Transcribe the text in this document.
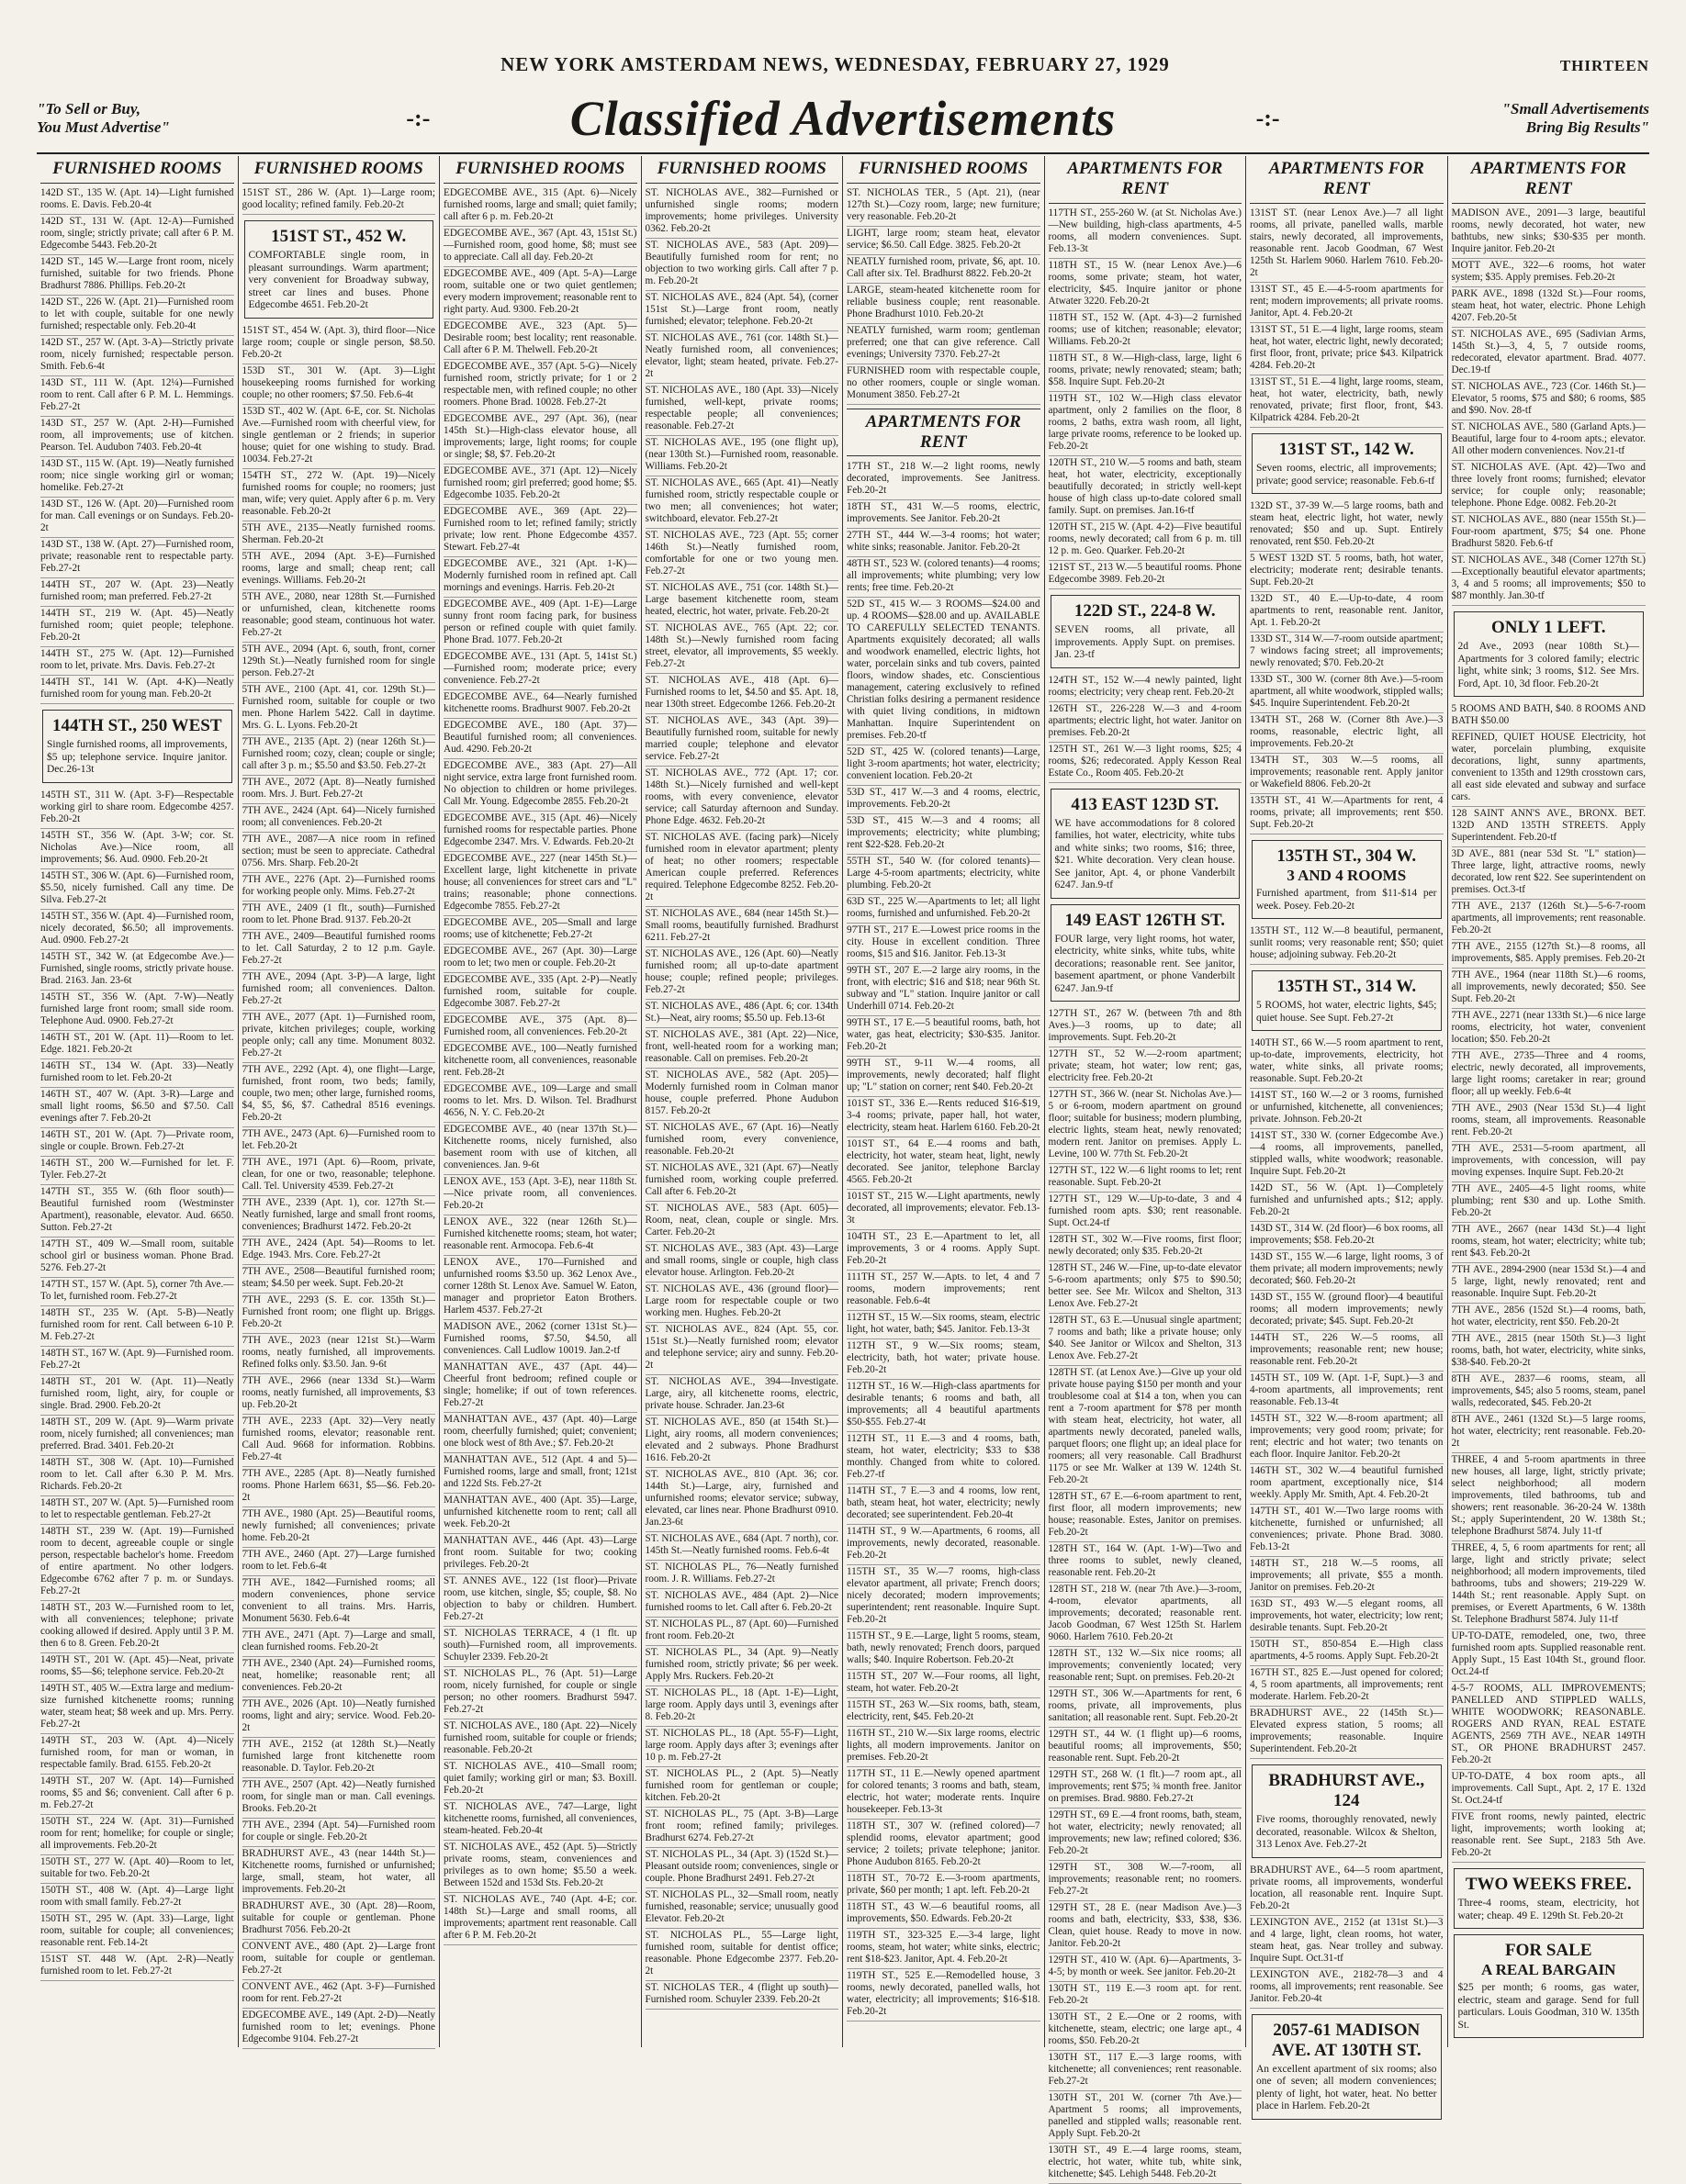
NEW YORK AMSTERDAM NEWS, WEDNESDAY, FEBRUARY 27, 1929	THIRTEEN
"To Sell or Buy,
You Must Advertise"	-:-	Classified Advertisements	-:-	"Small Advertisements
Bring Big Results"
FURNISHED ROOMS

142D ST., 135 W. (Apt. 14)—Light furnished rooms. E. Davis. Feb.20-4t

142D ST., 131 W. (Apt. 12-A)—Furnished room, single; strictly private; call after 6 P. M. Edgecombe 5443. Feb.20-2t

142D ST., 145 W.—Large front room, nicely furnished, suitable for two friends. Phone Bradhurst 7886. Phillips. Feb.20-2t

142D ST., 226 W. (Apt. 21)—Furnished room to let with couple, suitable for one newly furnished; respectable only. Feb.20-4t

142D ST., 257 W. (Apt. 3-A)—Strictly private room, nicely furnished; respectable person. Smith. Feb.6-4t

143D ST., 111 W. (Apt. 12¼)—Furnished room to rent. Call after 6 P. M. L. Hemmings. Feb.27-2t

143D ST., 257 W. (Apt. 2-H)—Furnished room, all improvements; use of kitchen. Pearson. Tel. Audubon 7403. Feb.20-4t

143D ST., 115 W. (Apt. 19)—Neatly furnished room; nice single working girl or woman; homelike. Feb.27-2t

143D ST., 126 W. (Apt. 20)—Furnished room for man. Call evenings or on Sundays. Feb.20-2t

143D ST., 138 W. (Apt. 27)—Furnished room, private; reasonable rent to respectable party. Feb.27-2t

144TH ST., 207 W. (Apt. 23)—Neatly furnished room; man preferred. Feb.27-2t

144TH ST., 219 W. (Apt. 45)—Neatly furnished room; quiet people; telephone. Feb.20-2t

144TH ST., 275 W. (Apt. 12)—Furnished room to let, private. Mrs. Davis. Feb.27-2t

144TH ST., 141 W. (Apt. 4-K)—Neatly furnished room for young man. Feb.20-2t

144TH ST., 250 WEST
Single furnished rooms, all improvements, $5 up; telephone service. Inquire janitor. Dec.26-13t

145TH ST., 311 W. (Apt. 3-F)—Respectable working girl to share room. Edgecombe 4257. Feb.20-2t

145TH ST., 356 W. (Apt. 3-W; cor. St. Nicholas Ave.)—Nice room, all improvements; $6. Aud. 0900. Feb.20-2t

145TH ST., 306 W. (Apt. 6)—Furnished room, $5.50, nicely furnished. Call any time. De Silva. Feb.27-2t

145TH ST., 356 W. (Apt. 4)—Furnished room, nicely decorated, $6.50; all improvements. Aud. 0900. Feb.27-2t

145TH ST., 342 W. (at Edgecombe Ave.)—Furnished, single rooms, strictly private house. Brad. 2163. Jan. 23-6t

145TH ST., 356 W. (Apt. 7-W)—Neatly furnished large front room; small side room. Telephone Aud. 0900. Feb.27-2t

146TH ST., 201 W. (Apt. 11)—Room to let. Edge. 1821. Feb.20-2t

146TH ST., 134 W. (Apt. 33)—Neatly furnished room to let. Feb.20-2t

146TH ST., 407 W. (Apt. 3-R)—Large and small light rooms, $6.50 and $7.50. Call evenings after 7. Feb.20-2t

146TH ST., 201 W. (Apt. 7)—Private room, single or couple. Brown. Feb.27-2t

146TH ST., 200 W.—Furnished for let. F. Tyler. Feb.27-2t

147TH ST., 355 W. (6th floor south)—Beautiful furnished room (Westminster Apartment), reasonable, elevator. Aud. 6650. Sutton. Feb.27-2t

147TH ST., 409 W.—Small room, suitable school girl or business woman. Phone Brad. 5276. Feb.27-2t

147TH ST., 157 W. (Apt. 5), corner 7th Ave.—To let, furnished room. Feb.27-2t

148TH ST., 235 W. (Apt. 5-B)—Neatly furnished room for rent. Call between 6-10 P. M. Feb.27-2t

148TH ST., 167 W. (Apt. 9)—Furnished room. Feb.27-2t

148TH ST., 201 W. (Apt. 11)—Neatly furnished room, light, airy, for couple or single. Brad. 2900. Feb.20-2t

148TH ST., 209 W. (Apt. 9)—Warm private room, nicely furnished; all conveniences; man preferred. Brad. 3401. Feb.20-2t

148TH ST., 308 W. (Apt. 10)—Furnished room to let. Call after 6.30 P. M. Mrs. Richards. Feb.20-2t

148TH ST., 207 W. (Apt. 5)—Furnished room to let to respectable gentleman. Feb.27-2t

148TH ST., 239 W. (Apt. 19)—Furnished room to decent, agreeable couple or single person, respectable bachelor's home. Freedom of entire apartment. No other lodgers. Edgecombe 6762 after 7 p. m. or Sundays. Feb.27-2t

148TH ST., 203 W.—Furnished room to let, with all conveniences; telephone; private cooking allowed if desired. Apply until 3 P. M. then 6 to 8. Green. Feb.20-2t

149TH ST., 201 W. (Apt. 45)—Neat, private rooms, $5—$6; telephone service. Feb.20-2t

149TH ST., 405 W.—Extra large and medium-size furnished kitchenette rooms; running water, steam heat; $8 week and up. Mrs. Perry. Feb.27-2t

149TH ST., 203 W. (Apt. 4)—Nicely furnished room, for man or woman, in respectable family. Brad. 6155. Feb.20-2t

149TH ST., 207 W. (Apt. 14)—Furnished rooms, $5 and $6; convenient. Call after 6 p. m. Feb.27-2t

150TH ST., 224 W. (Apt. 31)—Furnished room for rent; homelike; for couple or single; all improvements. Feb.20-2t

150TH ST., 277 W. (Apt. 40)—Room to let, suitable for two. Feb.20-2t

150TH ST., 408 W. (Apt. 4)—Large light room with small family. Feb.27-2t

150TH ST., 295 W. (Apt. 33)—Large, light room, suitable for couple; all conveniences; reasonable rent. Feb.14-2t

151ST ST. 448 W. (Apt. 2-R)—Neatly furnished room to let. Feb.27-2t

FURNISHED ROOMS

151ST ST., 286 W. (Apt. 1)—Large room; good locality; refined family. Feb.20-2t

151ST ST., 452 W.
COMFORTABLE single room, in pleasant surroundings. Warm apartment; very convenient for Broadway subway, street car lines and buses. Phone Edgecombe 4651. Feb.20-2t

151ST ST., 454 W. (Apt. 3), third floor—Nice large room; couple or single person, $8.50. Feb.20-2t

153D ST., 301 W. (Apt. 3)—Light housekeeping rooms furnished for working couple; no other roomers; $7.50. Feb.6-4t

153D ST., 402 W. (Apt. 6-E, cor. St. Nicholas Ave.—Furnished room with cheerful view, for single gentleman or 2 friends; in superior house; quiet for one wishing to study. Brad. 10034. Feb.27-2t

154TH ST., 272 W. (Apt. 19)—Nicely furnished rooms for couple; no roomers; just man, wife; very quiet. Apply after 6 p. m. Very reasonable. Feb.20-2t

5TH AVE., 2135—Neatly furnished rooms. Sherman. Feb.20-2t

5TH AVE., 2094 (Apt. 3-E)—Furnished rooms, large and small; cheap rent; call evenings. Williams. Feb.20-2t

5TH AVE., 2080, near 128th St.—Furnished or unfurnished, clean, kitchenette rooms reasonable; good steam, continuous hot water. Feb.27-2t

5TH AVE., 2094 (Apt. 6, south, front, corner 129th St.)—Neatly furnished room for single person. Feb.27-2t

5TH AVE., 2100 (Apt. 41, cor. 129th St.)—Furnished room, suitable for couple or two men. Phone Harlem 5422. Call in daytime. Mrs. G. L. Lyons. Feb.20-2t

7TH AVE., 2135 (Apt. 2) (near 126th St.)—Furnished room; cozy, clean; couple or single; call after 3 p. m.; $5.50 and $3.50. Feb.27-2t

7TH AVE., 2072 (Apt. 8)—Neatly furnished room. Mrs. J. Burt. Feb.27-2t

7TH AVE., 2424 (Apt. 64)—Nicely furnished room; all conveniences. Feb.20-2t

7TH AVE., 2087—A nice room in refined section; must be seen to appreciate. Cathedral 0756. Mrs. Sharp. Feb.20-2t

7TH AVE., 2276 (Apt. 2)—Furnished rooms for working people only. Mims. Feb.27-2t

7TH AVE., 2409 (1 flt., south)—Furnished room to let. Phone Brad. 9137. Feb.20-2t

7TH AVE., 2409—Beautiful furnished rooms to let. Call Saturday, 2 to 12 p.m. Gayle. Feb.27-2t

7TH AVE., 2094 (Apt. 3-P)—A large, light furnished room; all conveniences. Dalton. Feb.27-2t

7TH AVE., 2077 (Apt. 1)—Furnished room, private, kitchen privileges; couple, working people only; call any time. Monument 8032. Feb.27-2t

7TH AVE., 2292 (Apt. 4), one flight—Large, furnished, front room, two beds; family, couple, two men; other large, furnished rooms, $4, $5, $6, $7. Cathedral 8516 evenings. Feb.20-2t

7TH AVE., 2473 (Apt. 6)—Furnished room to let. Feb.20-2t

7TH AVE., 1971 (Apt. 6)—Room, private, clean, for one or two, reasonable; telephone. Call. Tel. University 4539. Feb.27-2t

7TH AVE., 2339 (Apt. 1), cor. 127th St.—Neatly furnished, large and small front rooms, conveniences; Bradhurst 1472. Feb.20-2t

7TH AVE., 2424 (Apt. 54)—Rooms to let. Edge. 1943. Mrs. Core. Feb.27-2t

7TH AVE., 2508—Beautiful furnished room; steam; $4.50 per week. Supt. Feb.20-2t

7TH AVE., 2293 (S. E. cor. 135th St.)—Furnished front room; one flight up. Briggs. Feb.20-2t

7TH AVE., 2023 (near 121st St.)—Warm rooms, neatly furnished, all improvements. Refined folks only. $3.50. Jan. 9-6t

7TH AVE., 2966 (near 133d St.)—Warm rooms, neatly furnished, all improvements, $3 up. Feb.20-2t

7TH AVE., 2233 (Apt. 32)—Very neatly furnished rooms, elevator; reasonable rent. Call Aud. 9668 for information. Robbins. Feb.27-4t

7TH AVE., 2285 (Apt. 8)—Neatly furnished rooms. Phone Harlem 6631, $5—$6. Feb.20-2t

7TH AVE., 1980 (Apt. 25)—Beautiful rooms, newly furnished; all conveniences; private home. Feb.20-2t

7TH AVE., 2460 (Apt. 27)—Large furnished room to let. Feb.6-4t

7TH AVE., 1842—Furnished rooms; all modern conveniences, phone service convenient to all trains. Mrs. Harris, Monument 5630. Feb.6-4t

7TH AVE., 2471 (Apt. 7)—Large and small, clean furnished rooms. Feb.20-2t

7TH AVE., 2340 (Apt. 24)—Furnished rooms, neat, homelike; reasonable rent; all conveniences. Feb.20-2t

7TH AVE., 2026 (Apt. 10)—Neatly furnished rooms, light and airy; service. Wood. Feb.20-2t

7TH AVE., 2152 (at 128th St.)—Neatly furnished large front kitchenette room reasonable. D. Taylor. Feb.20-2t

7TH AVE., 2507 (Apt. 42)—Neatly furnished room, for single man or man. Call evenings. Brooks. Feb.20-2t

7TH AVE., 2394 (Apt. 54)—Furnished room for couple or single. Feb.20-2t

BRADHURST AVE., 43 (near 144th St.)—Kitchenette rooms, furnished or unfurnished; large, small, steam, hot water, all improvements. Feb.20-2t

BRADHURST AVE., 30 (Apt. 28)—Room, suitable for couple or gentleman. Phone Bradhurst 7056. Feb.20-2t

CONVENT AVE., 480 (Apt. 2)—Large front room, suitable for couple or gentleman. Feb.27-2t

CONVENT AVE., 462 (Apt. 3-F)—Furnished room for rent. Feb.27-2t

EDGECOMBE AVE., 149 (Apt. 2-D)—Neatly furnished room to let; evenings. Phone Edgecombe 9104. Feb.27-2t

FURNISHED ROOMS

EDGECOMBE AVE., 315 (Apt. 6)—Nicely furnished rooms, large and small; quiet family; call after 6 p. m. Feb.20-2t

EDGECOMBE AVE., 367 (Apt. 43, 151st St.)—Furnished room, good home, $8; must see to appreciate. Call all day. Feb.20-2t

EDGECOMBE AVE., 409 (Apt. 5-A)—Large room, suitable one or two quiet gentlemen; every modern improvement; reasonable rent to right party. Aud. 9300. Feb.20-2t

EDGECOMBE AVE., 323 (Apt. 5)—Desirable room; best locality; rent reasonable. Call after 6 P. M. Thelwell. Feb.20-2t

EDGECOMBE AVE., 357 (Apt. 5-G)—Nicely furnished room, strictly private; for 1 or 2 respectable men, with refined couple; no other roomers. Phone Brad. 10028. Feb.27-2t

EDGECOMBE AVE., 297 (Apt. 36), (near 145th St.)—High-class elevator house, all improvements; large, light rooms; for couple or single; $8, $7. Feb.20-2t

EDGECOMBE AVE., 371 (Apt. 12)—Nicely furnished room; girl preferred; good home; $5. Edgecombe 1035. Feb.20-2t

EDGECOMBE AVE., 369 (Apt. 22)—Furnished room to let; refined family; strictly private; low rent. Phone Edgecombe 4357. Stewart. Feb.27-4t

EDGECOMBE AVE., 321 (Apt. 1-K)—Modernly furnished room in refined apt. Call mornings and evenings. Harris. Feb.20-2t

EDGECOMBE AVE., 409 (Apt. 1-E)—Large sunny front room facing park, for business person or refined couple with quiet family. Phone Brad. 1077. Feb.20-2t

EDGECOMBE AVE., 131 (Apt. 5, 141st St.)—Furnished room; moderate price; every convenience. Feb.27-2t

EDGECOMBE AVE., 64—Nearly furnished kitchenette rooms. Bradhurst 9007. Feb.20-2t

EDGECOMBE AVE., 180 (Apt. 37)—Beautiful furnished room; all conveniences. Aud. 4290. Feb.20-2t

EDGECOMBE AVE., 383 (Apt. 27)—All night service, extra large front furnished room. No objection to children or home privileges. Call Mr. Young. Edgecombe 2855. Feb.20-2t

EDGECOMBE AVE., 315 (Apt. 46)—Nicely furnished rooms for respectable parties. Phone Edgecombe 2347. Mrs. V. Edwards. Feb.20-2t

EDGECOMBE AVE., 227 (near 145th St.)—Excellent large, light kitchenette in private house; all conveniences for street cars and "L" trains; reasonable; phone connections. Edgecombe 7855. Feb.27-2t

EDGECOMBE AVE., 205—Small and large rooms; use of kitchenette; Feb.27-2t

EDGECOMBE AVE., 267 (Apt. 30)—Large room to let; two men or couple. Feb.20-2t

EDGECOMBE AVE., 335 (Apt. 2-P)—Neatly furnished room, suitable for couple. Edgecombe 3087. Feb.27-2t

EDGECOMBE AVE., 375 (Apt. 8)—Furnished room, all conveniences. Feb.20-2t

EDGECOMBE AVE., 100—Neatly furnished kitchenette room, all conveniences, reasonable rent. Feb.28-2t

EDGECOMBE AVE., 109—Large and small rooms to let. Mrs. D. Wilson. Tel. Bradhurst 4656, N. Y. C. Feb.20-2t

EDGECOMBE AVE., 40 (near 137th St.)—Kitchenette rooms, nicely furnished, also basement room with use of kitchen, all conveniences. Jan. 9-6t

LENOX AVE., 153 (Apt. 3-E), near 118th St.—Nice private room, all conveniences. Feb.20-2t

LENOX AVE., 322 (near 126th St.)—Furnished kitchenette rooms; steam, hot water; reasonable rent. Armocopa. Feb.6-4t

LENOX AVE., 170—Furnished and unfurnished rooms $3.50 up. 362 Lenox Ave., corner 128th St. Lenox Ave. Samuel W. Eaton, manager and proprietor Eaton Brothers. Harlem 4537. Feb.27-2t

MADISON AVE., 2062 (corner 131st St.)—Furnished rooms, $7.50, $4.50, all conveniences. Call Ludlow 10019. Jan.2-tf

MANHATTAN AVE., 437 (Apt. 44)—Cheerful front bedroom; refined couple or single; homelike; if out of town references. Feb.27-2t

MANHATTAN AVE., 437 (Apt. 40)—Large room, cheerfully furnished; quiet; convenient; one block west of 8th Ave.; $7. Feb.20-2t

MANHATTAN AVE., 512 (Apt. 4 and 5)—Furnished rooms, large and small, front; 121st and 122d Sts. Feb.27-2t

MANHATTAN AVE., 400 (Apt. 35)—Large, unfurnished kitchenette room to rent; call all week. Feb.20-2t

MANHATTAN AVE., 446 (Apt. 43)—Large front room. Suitable for two; cooking privileges. Feb.20-2t

ST. ANNES AVE., 122 (1st floor)—Private room, use kitchen, single, $5; couple, $8. No objection to baby or children. Humbert. Feb.27-2t

ST. NICHOLAS TERRACE, 4 (1 flt. up south)—Furnished room, all improvements. Schuyler 2339. Feb.20-2t

ST. NICHOLAS PL., 76 (Apt. 51)—Large room, nicely furnished, for couple or single person; no other roomers. Bradhurst 5947. Feb.27-2t

ST. NICHOLAS AVE., 180 (Apt. 22)—Nicely furnished room, suitable for couple or friends; reasonable. Feb.20-2t

ST. NICHOLAS AVE., 410—Small room; quiet family; working girl or man; $3. Boxill. Feb.20-2t

ST. NICHOLAS AVE., 747—Large, light kitchenette rooms, furnished, all conveniences, steam-heated. Feb.20-4t

ST. NICHOLAS AVE., 452 (Apt. 5)—Strictly private rooms, steam, conveniences and privileges as to own home; $5.50 a week. Between 152d and 153d Sts. Feb.20-2t

ST. NICHOLAS AVE., 740 (Apt. 4-E; cor. 148th St.)—Large and small rooms, all improvements; apartment rent reasonable. Call after 6 P. M. Feb.20-2t

FURNISHED ROOMS

ST. NICHOLAS AVE., 382—Furnished or unfurnished single rooms; modern improvements; home privileges. University 0362. Feb.20-2t

ST. NICHOLAS AVE., 583 (Apt. 209)—Beautifully furnished room for rent; no objection to two working girls. Call after 7 p. m. Feb.20-2t

ST. NICHOLAS AVE., 824 (Apt. 54), (corner 151st St.)—Large front room, neatly furnished; elevator; telephone. Feb.20-2t

ST. NICHOLAS AVE., 761 (cor. 148th St.)—Neatly furnished room, all conveniences; elevator, light; steam heated, private. Feb.27-2t

ST. NICHOLAS AVE., 180 (Apt. 33)—Nicely furnished, well-kept, private rooms; respectable people; all conveniences; reasonable. Feb.27-2t

ST. NICHOLAS AVE., 195 (one flight up), (near 130th St.)—Furnished room, reasonable. Williams. Feb.20-2t

ST. NICHOLAS AVE., 665 (Apt. 41)—Neatly furnished room, strictly respectable couple or two men; all conveniences; hot water; switchboard, elevator. Feb.27-2t

ST. NICHOLAS AVE., 723 (Apt. 55; corner 146th St.)—Neatly furnished room, comfortable for one or two young men. Feb.27-2t

ST. NICHOLAS AVE., 751 (cor. 148th St.)—Large basement kitchenette room, steam heated, electric, hot water, private. Feb.20-2t

ST. NICHOLAS AVE., 765 (Apt. 22; cor. 148th St.)—Newly furnished room facing street, elevator, all improvements, $5 weekly. Feb.27-2t

ST. NICHOLAS AVE., 418 (Apt. 6)—Furnished rooms to let, $4.50 and $5. Apt. 18, near 130th street. Edgecombe 1266. Feb.20-2t

ST. NICHOLAS AVE., 343 (Apt. 39)—Beautifully furnished room, suitable for newly married couple; telephone and elevator service. Feb.27-2t

ST. NICHOLAS AVE., 772 (Apt. 17; cor. 148th St.)—Nicely furnished and well-kept rooms, with every convenience, elevator service; call Saturday afternoon and Sunday. Phone Edge. 4632. Feb.20-2t

ST. NICHOLAS AVE. (facing park)—Nicely furnished room in elevator apartment; plenty of heat; no other roomers; respectable American couple preferred. References required. Telephone Edgecombe 8252. Feb.20-2t

ST. NICHOLAS AVE., 684 (near 145th St.)—Small rooms, beautifully furnished. Bradhurst 6211. Feb.27-2t

ST. NICHOLAS AVE., 126 (Apt. 60)—Neatly furnished room; all up-to-date apartment house; couple; refined people; privileges. Feb.27-2t

ST. NICHOLAS AVE., 486 (Apt. 6; cor. 134th St.)—Neat, airy rooms; $5.50 up. Feb.13-6t

ST. NICHOLAS AVE., 381 (Apt. 22)—Nice, front, well-heated room for a working man; reasonable. Call on premises. Feb.20-2t

ST. NICHOLAS AVE., 582 (Apt. 205)—Modernly furnished room in Colman manor house, couple preferred. Phone Audubon 8157. Feb.20-2t

ST. NICHOLAS AVE., 67 (Apt. 16)—Neatly furnished room, every convenience, reasonable. Feb.20-2t

ST. NICHOLAS AVE., 321 (Apt. 67)—Neatly furnished room, working couple preferred. Call after 6. Feb.20-2t

ST. NICHOLAS AVE., 583 (Apt. 605)—Room, neat, clean, couple or single. Mrs. Carter. Feb.20-2t

ST. NICHOLAS AVE., 383 (Apt. 43)—Large and small rooms, single or couple, high class elevator house. Arlington. Feb.20-2t

ST. NICHOLAS AVE., 436 (ground floor)—Large room for respectable couple or two working men. Hughes. Feb.20-2t

ST. NICHOLAS AVE., 824 (Apt. 55, cor. 151st St.)—Neatly furnished room; elevator and telephone service; airy and sunny. Feb.20-2t

ST. NICHOLAS AVE., 394—Investigate. Large, airy, all kitchenette rooms, electric, private house. Schrader. Jan.23-6t

ST. NICHOLAS AVE., 850 (at 154th St.)—Light, airy rooms, all modern conveniences; elevated and 2 subways. Phone Bradhurst 1616. Feb.20-2t

ST. NICHOLAS AVE., 810 (Apt. 36; cor. 144th St.)—Large, airy, furnished and unfurnished rooms; elevator service; subway, elevated, car lines near. Phone Bradhurst 0910. Jan.23-6t

ST. NICHOLAS AVE., 684 (Apt. 7 north), cor. 145th St.—Neatly furnished rooms. Feb.6-4t

ST. NICHOLAS PL., 76—Neatly furnished room. J. R. Williams. Feb.27-2t

ST. NICHOLAS AVE., 484 (Apt. 2)—Nice furnished rooms to let. Call after 6. Feb.20-2t

ST. NICHOLAS PL., 87 (Apt. 60)—Furnished front room. Feb.20-2t

ST. NICHOLAS PL., 34 (Apt. 9)—Neatly furnished room, strictly private; $6 per week. Apply Mrs. Ruckers. Feb.20-2t

ST. NICHOLAS PL., 18 (Apt. 1-E)—Light, large room. Apply days until 3, evenings after 8. Feb.20-2t

ST. NICHOLAS PL., 18 (Apt. 55-F)—Light, large room. Apply days after 3; evenings after 10 p. m. Feb.27-2t

ST. NICHOLAS PL., 2 (Apt. 5)—Neatly furnished room for gentleman or couple; kitchen. Feb.20-2t

ST. NICHOLAS PL., 75 (Apt. 3-B)—Large front room; refined family; privileges. Bradhurst 6274. Feb.27-2t

ST. NICHOLAS PL., 34 (Apt. 3) (152d St.)—Pleasant outside room; conveniences, single or couple. Phone Bradhurst 2491. Feb.27-2t

ST. NICHOLAS PL., 32—Small room, neatly furnished, reasonable; service; unusually good Elevator. Feb.20-2t

ST. NICHOLAS PL., 55—Large light, furnished room, suitable for dentist office; reasonable. Phone Edgecombe 2377. Feb.20-2t

ST. NICHOLAS TER., 4 (flight up south)—Furnished room. Schuyler 2339. Feb.20-2t

FURNISHED ROOMS

ST. NICHOLAS TER., 5 (Apt. 21), (near 127th St.)—Cozy room, large; new furniture; very reasonable. Feb.20-2t

LIGHT, large room; steam heat, elevator service; $6.50. Call Edge. 3825. Feb.20-2t

NEATLY furnished room, private, $6, apt. 10. Call after six. Tel. Bradhurst 8822. Feb.20-2t

LARGE, steam-heated kitchenette room for reliable business couple; rent reasonable. Phone Bradhurst 1010. Feb.20-2t

NEATLY furnished, warm room; gentleman preferred; one that can give reference. Call evenings; University 7370. Feb.27-2t

FURNISHED room with respectable couple, no other roomers, couple or single woman. Monument 3850. Feb.27-2t

APARTMENTS FOR RENT

17TH ST., 218 W.—2 light rooms, newly decorated, improvements. See Janitress. Feb.20-2t

18TH ST., 431 W.—5 rooms, electric, improvements. See Janitor. Feb.20-2t

27TH ST., 444 W.—3-4 rooms; hot water; white sinks; reasonable. Janitor. Feb.20-2t

48TH ST., 523 W. (colored tenants)—4 rooms; all improvements; white plumbing; very low rents; free time. Feb.20-2t

52D ST., 415 W.— 3 ROOMS—$24.00 and up. 4 ROOMS—$28.00 and up. AVAILABLE TO CAREFULLY SELECTED TENANTS. Apartments exquisitely decorated; all walls and woodwork enamelled, electric lights, hot water, porcelain sinks and tub covers, painted floors, window shades, etc. Conscientious management, catering exclusively to refined Christian folks desiring a permanent residence with quiet living conditions, in midtown Manhattan. Inquire Superintendent on premises. Feb.20-tf

52D ST., 425 W. (colored tenants)—Large, light 3-room apartments; hot water, electricity; convenient location. Feb.20-2t

53D ST., 417 W.—3 and 4 rooms, electric, improvements. Feb.20-2t

53D ST., 415 W.—3 and 4 rooms; all improvements; electricity; white plumbing; rent $22-$28. Feb.20-2t

55TH ST., 540 W. (for colored tenants)—Large 4-5-room apartments; electricity, white plumbing. Feb.20-2t

63D ST., 225 W.—Apartments to let; all light rooms, furnished and unfurnished. Feb.20-2t

97TH ST., 217 E.—Lowest price rooms in the city. House in excellent condition. Three rooms, $15 and $16. Janitor. Feb.13-3t

99TH ST., 207 E.—2 large airy rooms, in the front, with electric; $16 and $18; near 96th St. subway and "L" station. Inquire janitor or call Underhill 0714. Feb.20-2t

99TH ST., 17 E.—5 beautiful rooms, bath, hot water, gas heat, electricity; $30-$35. Janitor. Feb.20-2t

99TH ST., 9-11 W.—4 rooms, all improvements, newly decorated; half flight up; "L" station on corner; rent $40. Feb.20-2t

101ST ST., 336 E.—Rents reduced $16-$19, 3-4 rooms; private, paper hall, hot water, electricity, steam heat. Harlem 6160. Feb.20-2t

101ST ST., 64 E.—4 rooms and bath, electricity, hot water, steam heat, light, newly decorated. See janitor, telephone Barclay 4565. Feb.20-2t

101ST ST., 215 W.—Light apartments, newly decorated, all improvements; elevator. Feb.13-3t

104TH ST., 23 E.—Apartment to let, all improvements, 3 or 4 rooms. Apply Supt. Feb.20-2t

111TH ST., 257 W.—Apts. to let, 4 and 7 rooms, modern improvements; rent reasonable. Feb.6-4t

112TH ST., 15 W.—Six rooms, steam, electric light, hot water, bath; $45. Janitor. Feb.13-3t

112TH ST., 9 W.—Six rooms; steam, electricity, bath, hot water; private house. Feb.20-2t

112TH ST., 16 W.—High-class apartments for desirable tenants; 6 rooms and bath, all improvements; all 4 beautiful apartments $50-$55. Feb.27-4t

112TH ST., 11 E.—3 and 4 rooms, bath, steam, hot water, electricity; $33 to $38 monthly. Changed from white to colored. Feb.27-tf

114TH ST., 7 E.—3 and 4 rooms, low rent, bath, steam heat, hot water, electricity; newly decorated; see superintendent. Feb.20-4t

114TH ST., 9 W.—Apartments, 6 rooms, all improvements, newly decorated, reasonable. Feb.20-2t

115TH ST., 35 W.—7 rooms, high-class elevator apartment, all private; French doors; nicely decorated; modern improvements; superintendent; rent reasonable. Inquire Supt. Feb.20-2t

115TH ST., 9 E.—Large, light 5 rooms, steam, bath, newly renovated; French doors, parqued walls; $40. Inquire Robertson. Feb.20-2t

115TH ST., 207 W.—Four rooms, all light, steam, hot water. Feb.20-2t

115TH ST., 263 W.—Six rooms, bath, steam, electricity, rent, $45. Feb.20-2t

116TH ST., 210 W.—Six large rooms, electric lights, all modern improvements. Janitor on premises. Feb.20-2t

117TH ST., 11 E.—Newly opened apartment for colored tenants; 3 rooms and bath, steam, electric, hot water; moderate rents. Inquire housekeeper. Feb.13-3t

118TH ST., 307 W. (refined colored)—7 splendid rooms, elevator apartment; good service; 2 toilets; private telephone; janitor. Phone Audubon 8165. Feb.20-2t

118TH ST., 70-72 E.—3-room apartments, private, $60 per month; 1 apt. left. Feb.20-2t

118TH ST., 43 W.—6 beautiful rooms, all improvements, $50. Edwards. Feb.20-2t

119TH ST., 323-325 E.—3-4 large, light rooms, steam, hot water; white sinks, electric; rent $18-$23. Janitor, Apt. 4. Feb.20-2t

119TH ST., 525 E.—Remodelled house, 3 rooms, newly decorated, panelled walls, hot water, electricity; all improvements; $16-$18. Feb.20-2t

APARTMENTS FOR RENT

117TH ST., 255-260 W. (at St. Nicholas Ave.)—New building, high-class apartments, 4-5 rooms, all modern conveniences. Supt. Feb.13-3t

118TH ST., 15 W. (near Lenox Ave.)—6 rooms, some private; steam, hot water, electricity, $45. Inquire janitor or phone Atwater 3220. Feb.20-2t

118TH ST., 152 W. (Apt. 4-3)—2 furnished rooms; use of kitchen; reasonable; elevator; Williams. Feb.20-2t

118TH ST., 8 W.—High-class, large, light 6 rooms, private; newly renovated; steam; bath; $58. Inquire Supt. Feb.20-2t

119TH ST., 102 W.—High class elevator apartment, only 2 families on the floor, 8 rooms, 2 baths, extra wash room, all light, large private rooms, reference to be looked up. Feb.20-2t

120TH ST., 210 W.—5 rooms and bath, steam heat, hot water, electricity, exceptionally beautifully decorated; in strictly well-kept house of high class up-to-date colored small family. Supt. on premises. Jan.16-tf

120TH ST., 215 W. (Apt. 4-2)—Five beautiful rooms, newly decorated; call from 6 p. m. till 12 p. m. Geo. Quarker. Feb.20-2t

121ST ST., 213 W.—5 beautiful rooms. Phone Edgecombe 3989. Feb.20-2t

122D ST., 224-8 W.
SEVEN rooms, all private, all improvements. Apply Supt. on premises. Jan. 23-tf

124TH ST., 152 W.—4 newly painted, light rooms; electricity; very cheap rent. Feb.20-2t

126TH ST., 226-228 W.—3 and 4-room apartments; electric light, hot water. Janitor on premises. Feb.20-2t

125TH ST., 261 W.—3 light rooms, $25; 4 rooms, $26; redecorated. Apply Kesson Real Estate Co., Room 405. Feb.20-2t

413 EAST 123D ST.
WE have accommodations for 8 colored families, hot water, electricity, white tubs and white sinks; two rooms, $16; three, $21. White decoration. Very clean house. See janitor, Apt. 4, or phone Vanderbilt 6247. Jan.9-tf
149 EAST 126TH ST.
FOUR large, very light rooms, hot water, electricity, white sinks, white tubs, white decorations; reasonable rent. See janitor, basement apartment, or phone Vanderbilt 6247. Jan.9-tf

127TH ST., 267 W. (between 7th and 8th Aves.)—3 rooms, up to date; all improvements. Supt. Feb.20-2t

127TH ST., 52 W.—2-room apartment; private; steam, hot water; low rent; gas, electricity free. Feb.20-2t

127TH ST., 366 W. (near St. Nicholas Ave.)—5 or 6-room, modern apartment on ground floor; suitable for business; modern plumbing, electric lights, steam heat, newly renovated; modern rent. Janitor on premises. Apply L. Levine, 100 W. 77th St. Feb.20-2t

127TH ST., 122 W.—6 light rooms to let; rent reasonable. Supt. Feb.20-2t

127TH ST., 129 W.—Up-to-date, 3 and 4 furnished room apts. $30; rent reasonable. Supt. Oct.24-tf

128TH ST., 302 W.—Five rooms, first floor; newly decorated; only $35. Feb.20-2t

128TH ST., 246 W.—Fine, up-to-date elevator 5-6-room apartments; only $75 to $90.50; better see. See Mr. Wilcox and Shelton, 313 Lenox Ave. Feb.27-2t

128TH ST., 63 E.—Unusual single apartment; 7 rooms and bath; like a private house; only $40. See Janitor or Wilcox and Shelton, 313 Lenox Ave. Feb.27-2t

128TH ST. (at Lenox Ave.)—Give up your old private house paying $150 per month and your troublesome coal at $14 a ton, when you can rent a 7-room apartment for $78 per month with steam heat, electricity, hot water, all apartments newly decorated, paneled walls, parquet floors; one flight up; an ideal place for roomers; all very reasonable. Call Bradhurst 1175 or see Mr. Walker at 139 W. 124th St. Feb.20-2t

128TH ST., 67 E.—6-room apartment to rent, first floor, all modern improvements; new house; reasonable. Estes, Janitor on premises. Feb.20-2t

128TH ST., 164 W. (Apt. 1-W)—Two and three rooms to sublet, newly cleaned, reasonable rent. Feb.20-2t

128TH ST., 218 W. (near 7th Ave.)—3-room, 4-room, elevator apartments, all improvements; decorated; reasonable rent. Jacob Goodman, 67 West 125th St. Harlem 9060. Harlem 7610. Feb.20-2t

128TH ST., 132 W.—Six nice rooms; all improvements; conveniently located; very reasonable rent; Supt. on premises. Feb.20-2t

129TH ST., 306 W.—Apartments for rent, 6 rooms, private, all improvements, plus sanitation; all reasonable rent. Supt. Feb.20-2t

129TH ST., 44 W. (1 flight up)—6 rooms, beautiful rooms; all improvements, $50; reasonable rent. Supt. Feb.20-2t

129TH ST., 268 W. (1 flt.)—7 room apt., all improvements; rent $75; ¾ month free. Janitor on premises. Brad. 9880. Feb.27-2t

129TH ST., 69 E.—4 front rooms, bath, steam, hot water, electricity; newly renovated; all improvements; new law; refined colored; $36. Feb.20-2t

129TH ST., 308 W.—7-room, all improvements; reasonable rent; no roomers. Feb.27-2t

129TH ST., 28 E. (near Madison Ave.)—3 rooms and bath, electricity, $33, $38, $36. Clean, quiet house. Ready to move in now. Janitor. Feb.20-2t

129TH ST., 410 W. (Apt. 6)—Apartments, 3-4-5; by month or week. See janitor. Feb.20-2t

130TH ST., 119 E.—3 room apt. for rent. Feb.20-2t

130TH ST., 2 E.—One or 2 rooms, with kitchenette, steam, electric; one large apt., 4 rooms, $50. Feb.20-2t

130TH ST., 117 E.—3 large rooms, with kitchenette; all conveniences; rent reasonable. Feb.27-2t

130TH ST., 201 W. (corner 7th Ave.)—Apartment 5 rooms; all improvements, panelled and stippled walls; reasonable rent. Apply Supt. Feb.20-2t

130TH ST., 49 E.—4 large rooms, steam, electric, hot water, white tub, white sink, kitchenette; $45. Lehigh 5448. Feb.20-2t

APARTMENTS FOR RENT

131ST ST. (near Lenox Ave.)—7 all light rooms, all private, panelled walls, marble stairs, newly decorated, all improvements, reasonable rent. Jacob Goodman, 67 West 125th St. Harlem 9060. Harlem 7610. Feb.20-2t

131ST ST., 45 E.—4-5-room apartments for rent; modern improvements; all private rooms. Janitor, Apt. 4. Feb.20-2t

131ST ST., 51 E.—4 light, large rooms, steam heat, hot water, electric light, newly decorated; first floor, front, private; price $43. Kilpatrick 4284. Feb.20-2t

131ST ST., 51 E.—4 light, large rooms, steam, heat, hot water, electricity, bath, newly renovated, private; first floor, front, $43. Kilpatrick 4284. Feb.20-2t

131ST ST., 142 W.
Seven rooms, electric, all improvements; private; good service; reasonable. Feb.6-tf

132D ST., 37-39 W.—5 large rooms, bath and steam heat, electric light, hot water, newly renovated; $50 and up. Supt. Entirely renovated, rent $50. Feb.20-2t

5 WEST 132D ST. 5 rooms, bath, hot water, electricity; moderate rent; desirable tenants. Supt. Feb.20-2t

132D ST., 40 E.—Up-to-date, 4 room apartments to rent, reasonable rent. Janitor, Apt. 1. Feb.20-2t

133D ST., 314 W.—7-room outside apartment; 7 windows facing street; all improvements; newly renovated; $70. Feb.20-2t

133D ST., 300 W. (corner 8th Ave.)—5-room apartment, all white woodwork, stippled walls; $45. Inquire Superintendent. Feb.20-2t

134TH ST., 268 W. (Corner 8th Ave.)—3 rooms, reasonable, electric light, all improvements. Feb.20-2t

134TH ST., 303 W.—5 rooms, all improvements; reasonable rent. Apply janitor or Wakefield 8806. Feb.20-2t

135TH ST., 41 W.—Apartments for rent, 4 rooms, private; all improvements; rent $50. Supt. Feb.20-2t

135TH ST., 304 W.
3 AND 4 ROOMS
Furnished apartment, from $11-$14 per week. Posey. Feb.20-2t

135TH ST., 112 W.—8 beautiful, permanent, sunlit rooms; very reasonable rent; $50; quiet house; adjoining subway. Feb.20-2t

135TH ST., 314 W.
5 ROOMS, hot water, electric lights, $45; quiet house. See Supt. Feb.27-2t

140TH ST., 66 W.—5 room apartment to rent, up-to-date, improvements, electricity, hot water, white sinks, all private rooms; reasonable. Supt. Feb.20-2t

141ST ST., 160 W.—2 or 3 rooms, furnished or unfurnished, kitchenette, all conveniences; private. Johnson. Feb.20-2t

141ST ST., 330 W. (corner Edgecombe Ave.)—4 rooms, all improvements, panelled, stippled walls, white woodwork; reasonable. Inquire Supt. Feb.20-2t

142D ST., 56 W. (Apt. 1)—Completely furnished and unfurnished apts.; $12; apply. Feb.20-2t

143D ST., 314 W. (2d floor)—6 box rooms, all improvements; $58. Feb.20-2t

143D ST., 155 W.—6 large, light rooms, 3 of them private; all modern improvements; newly decorated; $60. Feb.20-2t

143D ST., 155 W. (ground floor)—4 beautiful rooms; all modern improvements; newly decorated; private; $45. Supt. Feb.20-2t

144TH ST., 226 W.—5 rooms, all improvements; reasonable rent; new house; reasonable rent. Feb.20-2t

145TH ST., 109 W. (Apt. 1-F, Supt.)—3 and 4-room apartments, all improvements; rent reasonable. Feb.13-4t

145TH ST., 322 W.—8-room apartment; all improvements; very good room; private; for rent; electric and hot water; two tenants on each floor. Inquire Janitor. Feb.20-2t

146TH ST., 302 W.—4 beautiful furnished room apartment, exceptionally nice, $14 weekly. Apply Mr. Smith, Apt. 4. Feb.20-2t

147TH ST., 401 W.—Two large rooms with kitchenette, furnished or unfurnished; all conveniences; private. Phone Brad. 3080. Feb.13-2t

148TH ST., 218 W.—5 rooms, all improvements; all private, $55 a month. Janitor on premises. Feb.20-2t

163D ST., 493 W.—5 elegant rooms, all improvements, hot water, electricity; low rent; desirable tenants. Supt. Feb.20-2t

150TH ST., 850-854 E.—High class apartments, 4-5 rooms. Apply Supt. Feb.20-2t

167TH ST., 825 E.—Just opened for colored; 4, 5 room apartments, all improvements; rent moderate. Harlem. Feb.20-2t

BRADHURST AVE., 22 (145th St.)—Elevated express station, 5 rooms; all improvements; reasonable. Inquire Superintendent. Feb.20-2t

BRADHURST AVE., 124
Five rooms, thoroughly renovated, newly decorated, reasonable. Wilcox & Shelton, 313 Lenox Ave. Feb.27-2t

BRADHURST AVE., 64—5 room apartment, private rooms, all improvements, wonderful location, all reasonable rent. Inquire Supt. Feb.20-2t

LEXINGTON AVE., 2152 (at 131st St.)—3 and 4 large, light, clean rooms, hot water, steam heat, gas. Near trolley and subway. Inquire Supt. Oct.31-tf

LEXINGTON AVE., 2182-78—3 and 4 rooms, all improvements; rent reasonable. See Janitor. Feb.20-4t

2057-61 MADISON AVE. AT 130TH ST.
An excellent apartment of six rooms; also one of seven; all modern conveniences; plenty of light, hot water, heat. No better place in Harlem. Feb.20-2t
APARTMENTS FOR RENT

MADISON AVE., 2091—3 large, beautiful rooms, newly decorated, hot water, new bathtubs, new sinks; $30-$35 per month. Inquire janitor. Feb.20-2t

MOTT AVE., 322—6 rooms, hot water system; $35. Apply premises. Feb.20-2t

PARK AVE., 1898 (132d St.)—Four rooms, steam heat, hot water, electric. Phone Lehigh 4207. Feb.20-5t

ST. NICHOLAS AVE., 695 (Sadivian Arms, 145th St.)—3, 4, 5, 7 outside rooms, redecorated, elevator apartment. Brad. 4077. Dec.19-tf

ST. NICHOLAS AVE., 723 (Cor. 146th St.)—Elevator, 5 rooms, $75 and $80; 6 rooms, $85 and $90. Nov. 28-tf

ST. NICHOLAS AVE., 580 (Garland Apts.)—Beautiful, large four to 4-room apts.; elevator. All other modern conveniences. Nov.21-tf

ST. NICHOLAS AVE. (Apt. 42)—Two and three lovely front rooms; furnished; elevator service; for couple only; reasonable; telephone. Phone Edge. 0082. Feb.20-2t

ST. NICHOLAS AVE., 880 (near 155th St.)—Four-room apartment, $75; $4 one. Phone Bradhurst 5820. Feb.6-tf

ST. NICHOLAS AVE., 348 (Corner 127th St.)—Exceptionally beautiful elevator apartments; 3, 4 and 5 rooms; all improvements; $50 to $87 monthly. Jan.30-tf

ONLY 1 LEFT.
2d Ave., 2093 (near 108th St.)—Apartments for 3 colored family; electric light, white sink; 3 rooms, $12. See Mrs. Ford, Apt. 10, 3d floor. Feb.20-2t

5 ROOMS AND BATH, $40. 8 ROOMS AND BATH $50.00

REFINED, QUIET HOUSE Electricity, hot water, porcelain plumbing, exquisite decorations, light, sunny apartments, convenient to 135th and 129th crosstown cars, all east side elevated and subway and surface cars.

128 SAINT ANN'S AVE., BRONX. BET. 132D AND 135TH STREETS. Apply Superintendent. Feb.20-tf

3D AVE., 881 (near 53d St. "L" station)—Three large, light, attractive rooms, newly decorated, low rent $22. See superintendent on premises. Oct.3-tf

7TH AVE., 2137 (126th St.)—5-6-7-room apartments, all improvements; rent reasonable. Feb.20-2t

7TH AVE., 2155 (127th St.)—8 rooms, all improvements, $85. Apply premises. Feb.20-2t

7TH AVE., 1964 (near 118th St.)—6 rooms, all improvements, newly decorated; $50. See Supt. Feb.20-2t

7TH AVE., 2271 (near 133th St.)—6 nice large rooms, electricity, hot water, convenient location; $50. Feb.20-2t

7TH AVE., 2735—Three and 4 rooms, electric, newly decorated, all improvements, large light rooms; caretaker in rear; ground floor; all up weekly. Feb.6-4t

7TH AVE., 2903 (Near 153d St.)—4 light rooms, steam, all improvements. Reasonable rent. Feb.20-2t

7TH AVE., 2531—5-room apartment, all improvements, with concession, will pay moving expenses. Inquire Supt. Feb.20-2t

7TH AVE., 2405—4-5 light rooms, white plumbing; rent $30 and up. Lothe Smith. Feb.20-2t

7TH AVE., 2667 (near 143d St.)—4 light rooms, steam, hot water; electricity; white tub; rent $43. Feb.20-2t

7TH AVE., 2894-2900 (near 153d St.)—4 and 5 large, light, newly renovated; rent and reasonable. Inquire Supt. Feb.20-2t

7TH AVE., 2856 (152d St.)—4 rooms, bath, hot water, electricity, rent $50. Feb.20-2t

7TH AVE., 2815 (near 150th St.)—3 light rooms, bath, hot water, electricity, white sinks, $38-$40. Feb.20-2t

8TH AVE., 2837—6 rooms, steam, all improvements, $45; also 5 rooms, steam, panel walls, redecorated, $45. Feb.20-2t

8TH AVE., 2461 (132d St.)—5 large rooms, hot water, electricity; rent reasonable. Feb.20-2t

THREE, 4 and 5-room apartments in three new houses, all large, light, strictly private; select neighborhood; all modern improvements, tiled bathrooms, tub and showers; rent reasonable. 36-20-24 W. 138th St.; apply Superintendent, 20 W. 138th St.; telephone Bradhurst 5874. July 11-tf

THREE, 4, 5, 6 room apartments for rent; all large, light and strictly private; select neighborhood; all modern improvements, tiled bathrooms, tubs and showers; 219-229 W. 144th St.; rent reasonable. Apply Supt. on premises, or Everett Apartments, 6 W. 138th St. Telephone Bradhurst 5874. July 11-tf

UP-TO-DATE, remodeled, one, two, three furnished room apts. Supplied reasonable rent. Apply Supt., 15 East 104th St., ground floor. Oct.24-tf

4-5-7 ROOMS, ALL IMPROVEMENTS; PANELLED AND STIPPLED WALLS, WHITE WOODWORK; REASONABLE. ROGERS AND RYAN, REAL ESTATE AGENTS, 2569 7TH AVE., NEAR 149TH ST., OR PHONE BRADHURST 2457. Feb.20-2t

UP-TO-DATE, 4 box room apts., all improvements. Call Supt., Apt. 2, 17 E. 132d St. Oct.24-tf

FIVE front rooms, newly painted, electric light, improvements; worth looking at; reasonable rent. See Supt., 2183 5th Ave. Feb.20-2t

TWO WEEKS FREE.
Three-4 rooms, steam, electricity, hot water; cheap. 49 E. 129th St. Feb.20-2t
FOR SALE
A REAL BARGAIN
$25 per month; 6 rooms, gas water, electric, steam and garage. Send for full particulars. Louis Goodman, 310 W. 135th St.
